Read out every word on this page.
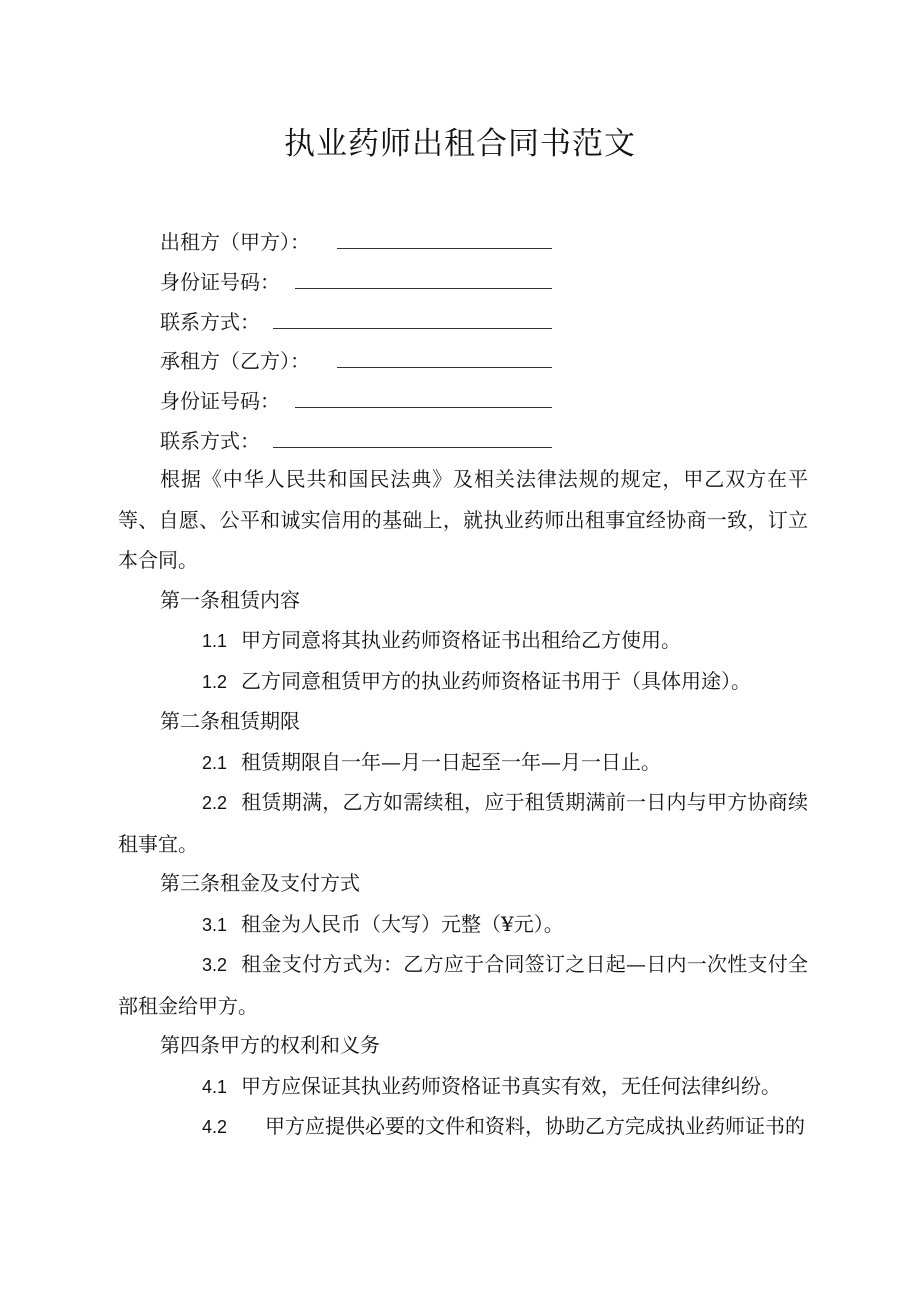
执业药师出租合同书范文
出租方（甲方）：
身份证号码：
联系方式：
承租方（乙方）：
身份证号码：
联系方式：
根据《中华人民共和国民法典》及相关法律法规的规定，甲乙双方在平等、自愿、公平和诚实信用的基础上，就执业药师出租事宜经协商一致，订立本合同。
第一条租赁内容
1.1 甲方同意将其执业药师资格证书出租给乙方使用。
1.2 乙方同意租赁甲方的执业药师资格证书用于（具体用途）。
第二条租赁期限
2.1 租赁期限自一年—月一日起至一年—月一日止。
2.2 租赁期满，乙方如需续租，应于租赁期满前一日内与甲方协商续租事宜。
第三条租金及支付方式
3.1 租金为人民币（大写）元整（¥元）。
3.2 租金支付方式为：乙方应于合同签订之日起—日内一次性支付全部租金给甲方。
第四条甲方的权利和义务
4.1 甲方应保证其执业药师资格证书真实有效，无任何法律纠纷。
4.2 甲方应提供必要的文件和资料，协助乙方完成执业药师证书的
